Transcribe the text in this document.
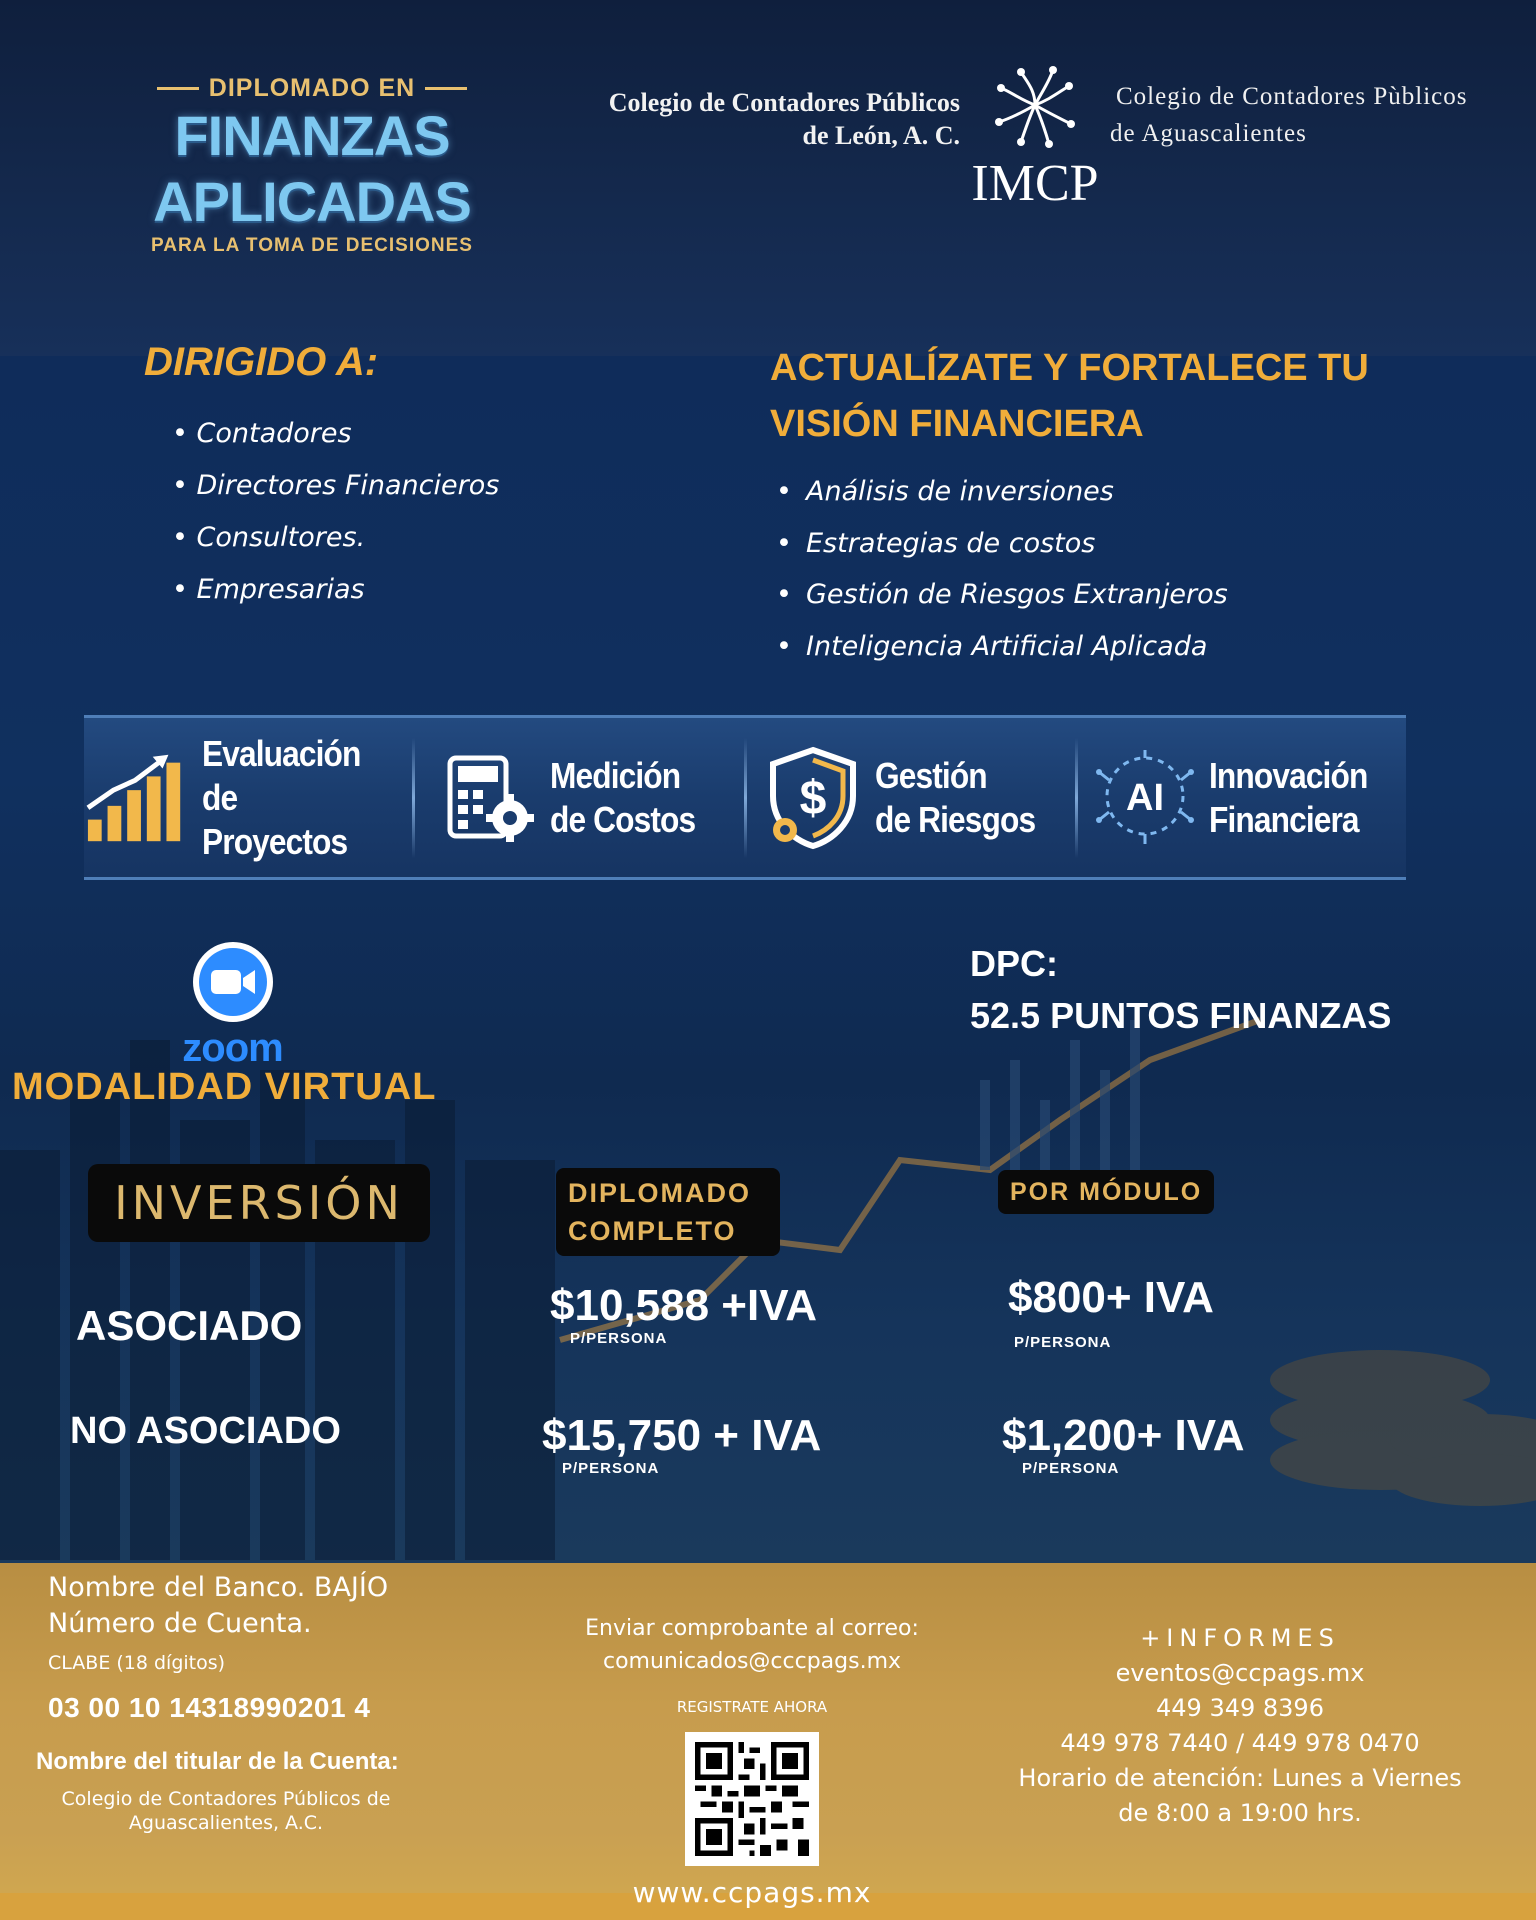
DIPLOMADO EN
FINANZAS APLICADAS
PARA LA TOMA DE DECISIONES
Colegio de Contadores Públicos
de León, A. C.
IMCP
Colegio de Contadores Pùblicos
de Aguascalientes
DIRIGIDO A:
• Contadores
• Directores Financieros
• Consultores.
• Empresarias
ACTUALÍZATE Y FORTALECE TU VISIÓN FINANCIERA
• Análisis de inversiones
• Estrategias de costos
• Gestión de Riesgos Extranjeros
• Inteligencia Artificial Aplicada
Evaluación
de Proyectos
Medición
de Costos $ Gestión
de Riesgos
AI
Innovación
Financiera
zoom
MODALIDAD VIRTUAL
DPC:
52.5 PUNTOS FINANZAS
INVERSIÓN	DIPLOMADO COMPLETO
POR MÓDULO
ASOCIADO
NO ASOCIADO
$10,588 +IVA
P/PERSONA
$800+ IVA
P/PERSONA
$15,750 + IVA
P/PERSONA
$1,200+ IVA
P/PERSONA
Nombre del Banco. BAJÍO
Número de Cuenta.
CLABE (18 dígitos)
03 00 10 14318990201 4
Nombre del titular de la Cuenta:
Colegio de Contadores Públicos de
Aguascalientes, A.C.
Enviar comprobante al correo:
comunicados@cccpags.mx
REGISTRATE AHORA
www.ccpags.mx
+INFORMES
eventos@ccpags.mx
449 349 8396
449 978 7440 / 449 978 0470
Horario de atención: Lunes a Viernes
de 8:00 a 19:00 hrs.
